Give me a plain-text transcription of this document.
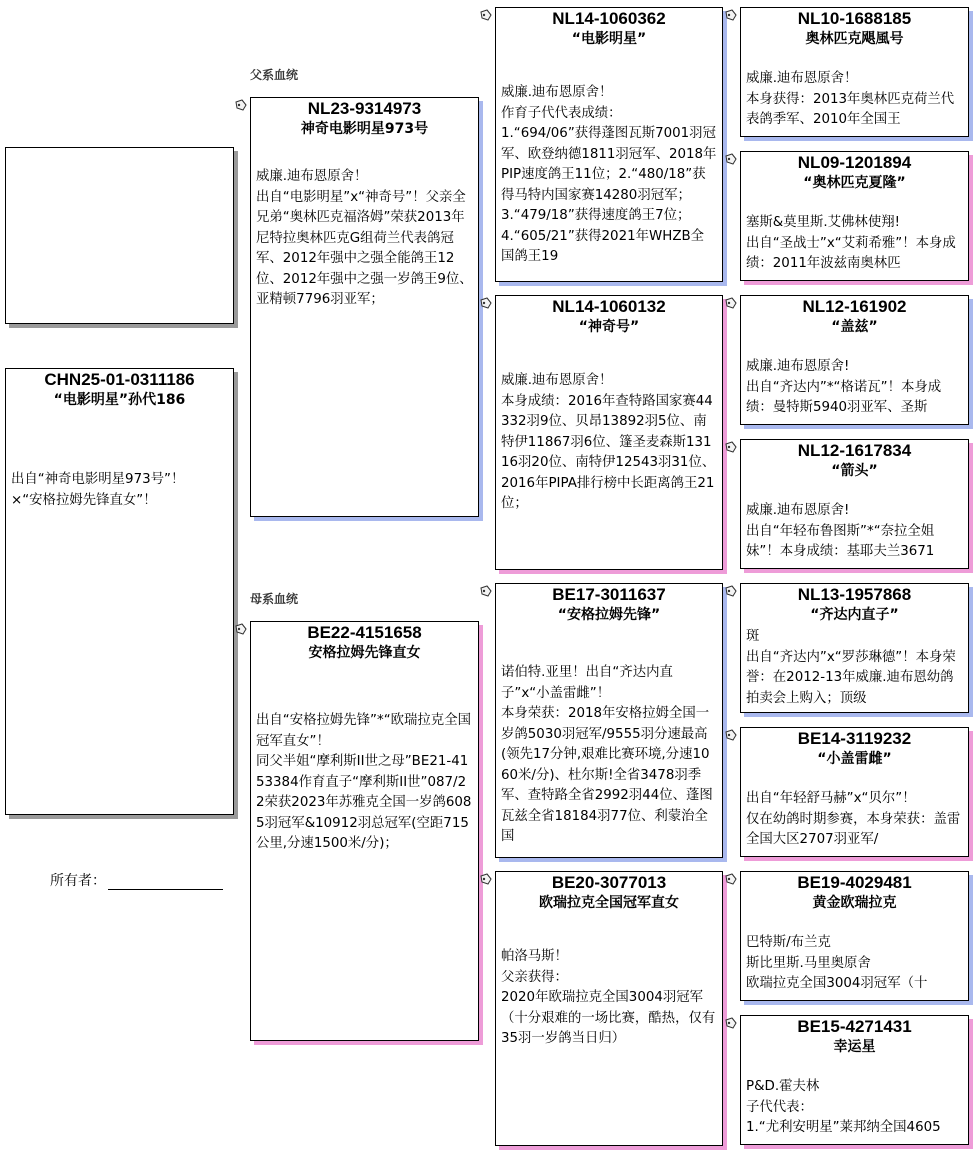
CHN25-01-0311186
“电影明星”孙代186
出自“神奇电影明星973号”！
×“安格拉姆先锋直女”！
所有者：
父系血统
母系血统
NL23-9314973
神奇电影明星973号
威廉.迪布恩原舍！
出自“电影明星”x“神奇号”！父亲全兄弟“奥林匹克福洛姆”荣获2013年尼特拉奥林匹克G组荷兰代表鸽冠军、2012年强中之强全能鸽王12位、2012年强中之强一岁鸽王9位、亚精顿7796羽亚军；
BE22-4151658
安格拉姆先锋直女
出自“安格拉姆先锋”*“欧瑞拉克全国冠军直女”！
同父半姐“摩利斯II世之母”BE21-4153384作育直子“摩利斯II世”087/22荣获2023年苏雅克全国一岁鸽6085羽冠军&10912羽总冠军(空距715公里,分速1500米/分)；
NL14-1060362
“电影明星”
威廉.迪布恩原舍！
作育子代代表成绩：
1.“694/06”获得蓬图瓦斯7001羽冠军、欧登纳德1811羽冠军、2018年PIP速度鸽王11位；2.“480/18”获得马特内国家赛14280羽冠军；3.“479/18”获得速度鸽王7位；4.“605/21”获得2021年WHZB全国鸽王19
NL14-1060132
“神奇号”
威廉.迪布恩原舍！
本身成绩：2016年查特路国家赛44332羽9位、贝昂13892羽5位、南特伊11867羽6位、篷圣麦森斯13116羽20位、南特伊12543羽31位、2016年PIPA排行榜中长距离鸽王21位；
BE17-3011637
“安格拉姆先锋”
诺伯特.亚里！出自“齐达内直子”x“小盖雷雌”！
本身荣获：2018年安格拉姆全国一岁鸽5030羽冠军/9555羽分速最高(领先17分钟,艰难比赛环境,分速1060米/分)、杜尔斯!全省3478羽季军、查特路全省2992羽44位、蓬图瓦兹全省18184羽77位、利蒙治全国
BE20-3077013
欧瑞拉克全国冠军直女
帕洛马斯！
父亲获得：
2020年欧瑞拉克全国3004羽冠军（十分艰难的一场比赛，酷热，仅有35羽一岁鸽当日归）
NL10-1688185
奥林匹克飓風号
威廉.迪布恩原舍！
本身获得：2013年奥林匹克荷兰代表鸽季军、2010年全国王
NL09-1201894
“奥林匹克夏隆”
塞斯&莫里斯.艾佛林使翔!
出自“圣战士”x“艾莉希雅”！本身成绩：2011年波兹南奥林匹
NL12-161902
“盖兹”
威廉.迪布恩原舍!
出自“齐达内”*“格诺瓦”！本身成绩：曼特斯5940羽亚军、圣斯
NL12-1617834
“箭头”
威廉.迪布恩原舍!
出自“年轻布鲁图斯”*“奈拉全姐妹”！本身成绩：基耶夫兰3671
NL13-1957868
“齐达内直子”
斑
出自“齐达内”x“罗莎琳德”！本身荣誉：在2012-13年威廉.迪布恩幼鸽拍卖会上购入；顶级
BE14-3119232
“小盖雷雌”
出自“年轻舒马赫”x“贝尔”！
仅在幼鸽时期参赛，本身荣获：盖雷全国大区2707羽亚军/
BE19-4029481
黄金欧瑞拉克
巴特斯/布兰克
斯比里斯.马里奥原舍
欧瑞拉克全国3004羽冠军（十
BE15-4271431
幸运星
P&D.霍夫林
子代代表：
1.“尤利安明星”莱邦纳全国4605
